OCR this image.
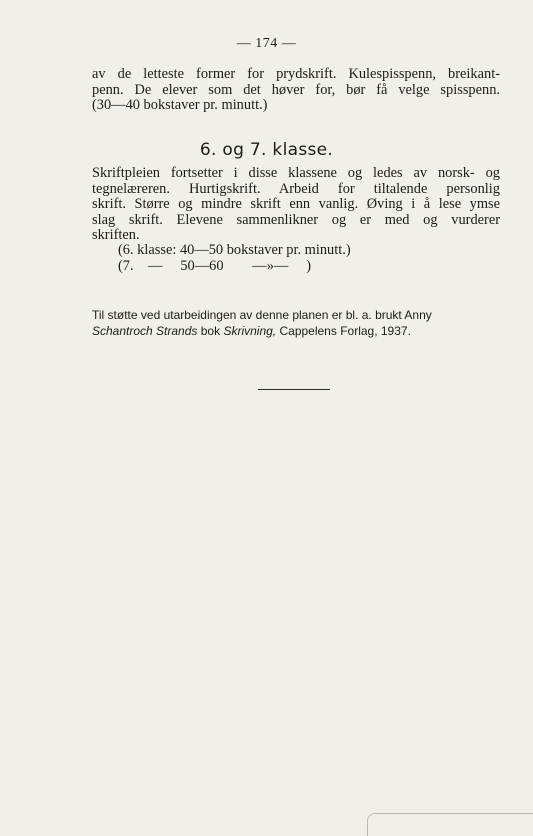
— 174 —
av de letteste former for prydskrift. Kulespisspenn, breikant-
penn. De elever som det høver for, bør få velge spisspenn.
(30—40 bokstaver pr. minutt.)
6. og 7. klasse.
Skriftpleien fortsetter i disse klassene og ledes av norsk- og
tegnelæreren. Hurtigskrift. Arbeid for tiltalende personlig
skrift. Større og mindre skrift enn vanlig. Øving i å lese ymse
slag skrift. Elevene sammenlikner og er med og vurderer
skriften.
(6. klasse: 40—50 bokstaver pr. minutt.)
(7.    —     50—60        —»—     )
Til støtte ved utarbeidingen av denne planen er bl. a. brukt Anny
Schantroch Strands bok Skrivning, Cappelens Forlag, 1937.
